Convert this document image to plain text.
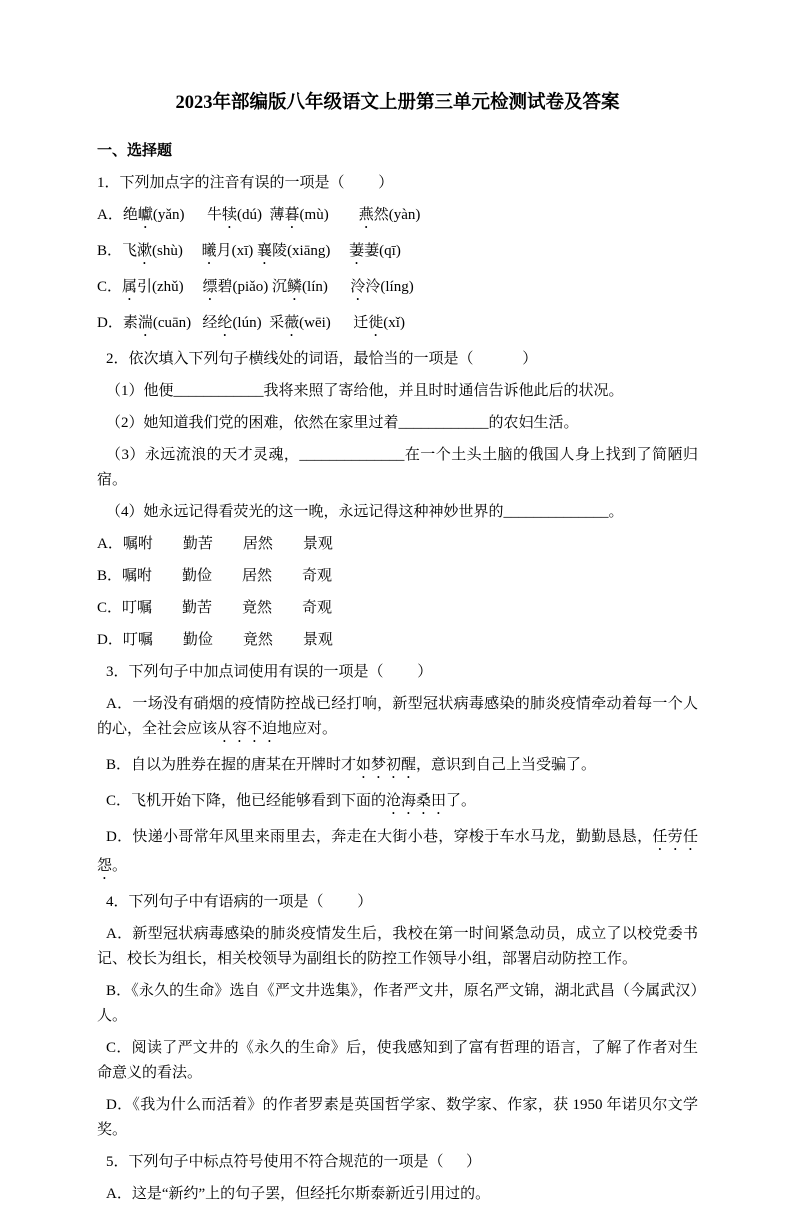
2023年部编版八年级语文上册第三单元检测试卷及答案

一、选择题

1．下列加点字的注音有误的一项是（         ）

A．绝巘(yǎn)      牛犊(dú)  薄暮(mù)        燕然(yàn)

B．飞漱(shù)     曦月(xī) 襄陵(xiāng)     萋萋(qī)

C．属引(zhǔ)     缥碧(piǎo) 沉鳞(lín)      泠泠(líng)

D．素湍(cuān)   经纶(lún)  采薇(wēi)      迁徙(xǐ)

2．依次填入下列句子横线处的词语，最恰当的一项是（             ）

（1）他便____________我将来照了寄给他，并且时时通信告诉他此后的状况。

（2）她知道我们党的困难，依然在家里过着____________的农妇生活。

（3）永远流浪的天才灵魂，______________在一个土头土脑的俄国人身上找到了简陋归宿。

（4）她永远记得看荧光的这一晚，永远记得这种神妙世界的______________。

A．嘱咐　　勤苦　　居然　　景观

B．嘱咐　　勤俭　　居然　　奇观

C．叮嘱　　勤苦　　竟然　　奇观

D．叮嘱　　勤俭　　竟然　　景观

3．下列句子中加点词使用有误的一项是（         ）

A．一场没有硝烟的疫情防控战已经打响，新型冠状病毒感染的肺炎疫情牵动着每一个人的心，全社会应该从容不迫地应对。

B．自以为胜券在握的唐某在开牌时才如梦初醒，意识到自己上当受骗了。

C．飞机开始下降，他已经能够看到下面的沧海桑田了。

D．快递小哥常年风里来雨里去，奔走在大街小巷，穿梭于车水马龙，勤勤恳恳，任劳任怨。

4．下列句子中有语病的一项是（         ）

A．新型冠状病毒感染的肺炎疫情发生后，我校在第一时间紧急动员，成立了以校党委书记、校长为组长，相关校领导为副组长的防控工作领导小组，部署启动防控工作。

B．《永久的生命》选自《严文井选集》，作者严文井，原名严文锦，湖北武昌（今属武汉）人。

C．阅读了严文井的《永久的生命》后，使我感知到了富有哲理的语言，了解了作者对生命意义的看法。

D．《我为什么而活着》的作者罗素是英国哲学家、数学家、作家，获 1950 年诺贝尔文学奖。

5．下列句子中标点符号使用不符合规范的一项是（      ）

A．这是“新约”上的句子罢，但经托尔斯泰新近引用过的。
